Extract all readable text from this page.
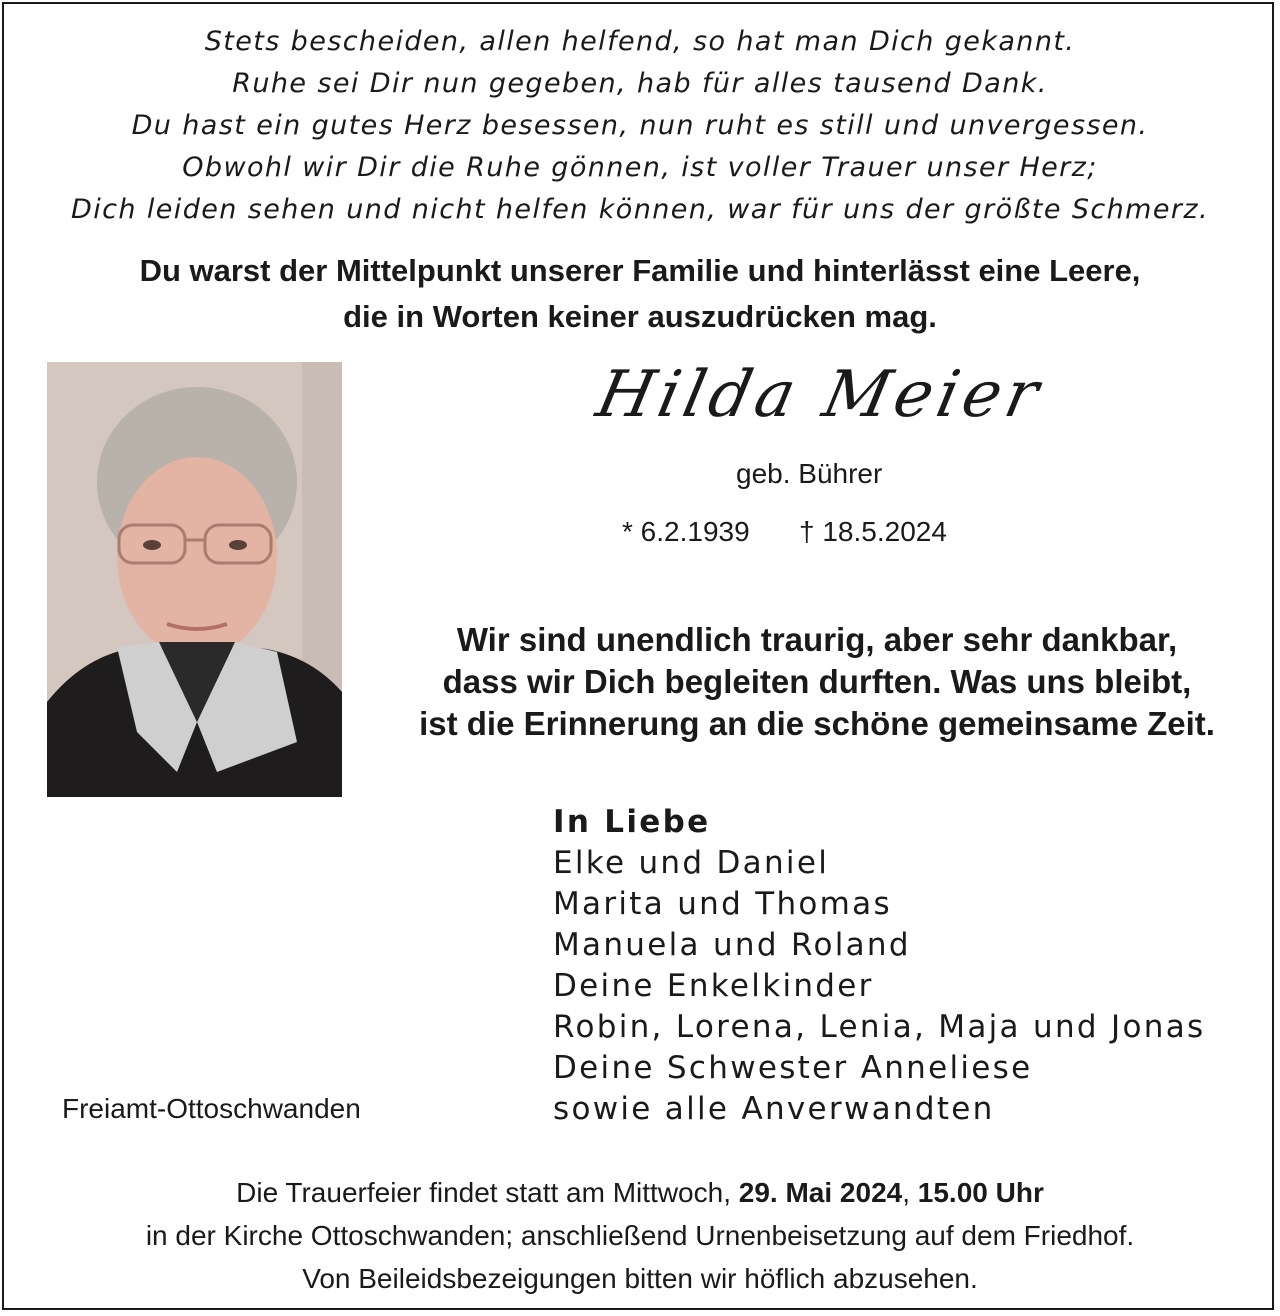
Stets bescheiden, allen helfend, so hat man Dich gekannt.
Ruhe sei Dir nun gegeben, hab für alles tausend Dank.
Du hast ein gutes Herz besessen, nun ruht es still und unvergessen.
Obwohl wir Dir die Ruhe gönnen, ist voller Trauer unser Herz;
Dich leiden sehen und nicht helfen können, war für uns der größte Schmerz.
Du warst der Mittelpunkt unserer Familie und hinterlässt eine Leere,
die in Worten keiner auszudrücken mag.
Hilda Meier
geb. Bührer
* 6.2.1939 † 18.5.2024
Wir sind unendlich traurig, aber sehr dankbar,
dass wir Dich begleiten durften. Was uns bleibt,
ist die Erinnerung an die schöne gemeinsame Zeit.
In Liebe
Elke und Daniel
Marita und Thomas
Manuela und Roland
Deine Enkelkinder
Robin, Lorena, Lenia, Maja und Jonas
Deine Schwester Anneliese
sowie alle Anverwandten
Freiamt-Ottoschwanden
Die Trauerfeier findet statt am Mittwoch, 29. Mai 2024, 15.00 Uhr
in der Kirche Ottoschwanden; anschließend Urnenbeisetzung auf dem Friedhof.
Von Beileidsbezeigungen bitten wir höflich abzusehen.
